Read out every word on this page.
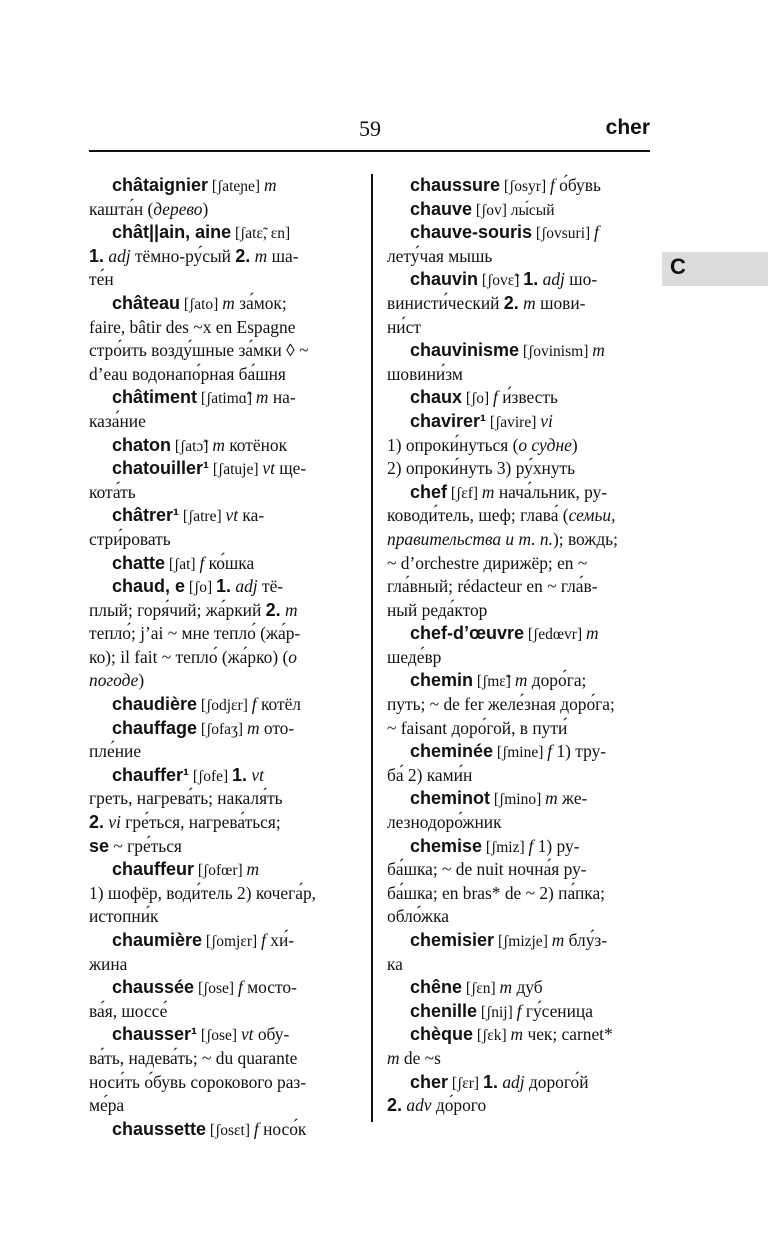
59	cher
C
châtaignier [ʃateɲe] m
кашта́н (дерево)
chât||ain, aine [ʃatɛ̃, ɛn]
1. adj тёмно-ру́сый 2. m ша-
те́н
château [ʃato] m за́мок;
faire, bâtir des ~x en Espagne
стро́ить возду́шные за́мки ◊ ~
d’eau водонапо́рная ба́шня
châtiment [ʃatimɑ̃] m на-
каза́ние
chaton [ʃatɔ̃] m котёнок
chatouiller¹ [ʃatuje] vt ще-
кота́ть
châtrer¹ [ʃatre] vt ка-
стри́ровать
chatte [ʃat] f ко́шка
chaud, e [ʃo] 1. adj тё-
плый; горя́чий; жа́ркий 2. m
тепло́; j’ai ~ мне тепло́ (жа́р-
ко); il fait ~ тепло́ (жа́рко) (о
погоде)
chaudière [ʃodjɛr] f котёл
chauffage [ʃofaʒ] m ото-
пле́ние
chauffer¹ [ʃofe] 1. vt
греть, нагрева́ть; накаля́ть
2. vi гре́ться, нагрева́ться;
se ~ гре́ться
chauffeur [ʃofœr] m
1) шофёр, води́тель 2) кочега́р,
истопни́к
chaumière [ʃomjɛr] f хи́-
жина
chaussée [ʃose] f мосто-
ва́я, шоссе́
chausser¹ [ʃose] vt обу-
ва́ть, надева́ть; ~ du quarante
носи́ть о́бувь сорокового раз-
ме́ра
chaussette [ʃosɛt] f носо́к
chaussure [ʃosyr] f о́бувь
chauve [ʃov] лы́сый
chauve-souris [ʃovsuri] f
лету́чая мышь
chauvin [ʃovɛ̃] 1. adj шо-
винисти́ческий 2. m шови-
ни́ст
chauvinisme [ʃovinism] m
шовини́зм
chaux [ʃo] f и́звесть
chavirer¹ [ʃavire] vi
1) опроки́нуться (о судне)
2) опроки́нуть 3) ру́хнуть
chef [ʃɛf] m нача́льник, ру-
ководи́тель, шеф; глава́ (семьи,
правительства и т. п.); вождь;
~ d’orchestre дирижёр; en ~
гла́вный; rédacteur en ~ гла́в-
ный реда́ктор
chef-d’œuvre [ʃedœvr] m
шеде́вр
chemin [ʃmɛ̃] m доро́га;
путь; ~ de fer желе́зная доро́га;
~ faisant доро́гой, в пути́
cheminée [ʃmine] f 1) тру-
ба́ 2) ками́н
cheminot [ʃmino] m же-
лезнодоро́жник
chemise [ʃmiz] f 1) ру-
ба́шка; ~ de nuit ночна́я ру-
ба́шка; en bras* de ~ 2) па́пка;
обло́жка
chemisier [ʃmizje] m блу́з-
ка
chêne [ʃɛn] m дуб
chenille [ʃnij] f гу́сеница
chèque [ʃɛk] m чек; carnet*
m de ~s
cher [ʃɛr] 1. adj дорого́й
2. adv до́рого
